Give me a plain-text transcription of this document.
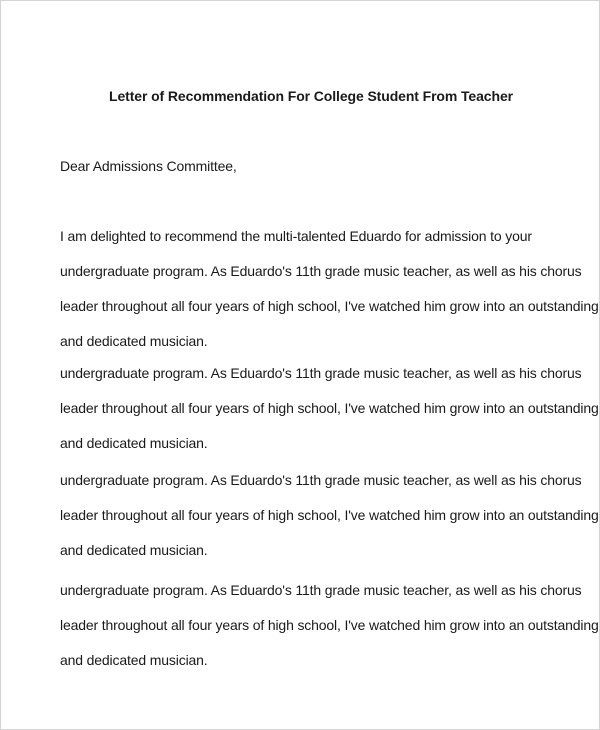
Letter of Recommendation For College Student From Teacher
Dear Admissions Committee,
I am delighted to recommend the multi-talented Eduardo for admission to your
undergraduate program. As Eduardo's 11th grade music teacher, as well as his chorus
leader throughout all four years of high school, I've watched him grow into an outstanding
and dedicated musician.
undergraduate program. As Eduardo's 11th grade music teacher, as well as his chorus
leader throughout all four years of high school, I've watched him grow into an outstanding
and dedicated musician.
undergraduate program. As Eduardo's 11th grade music teacher, as well as his chorus
leader throughout all four years of high school, I've watched him grow into an outstanding
and dedicated musician.
undergraduate program. As Eduardo's 11th grade music teacher, as well as his chorus
leader throughout all four years of high school, I've watched him grow into an outstanding
and dedicated musician.
